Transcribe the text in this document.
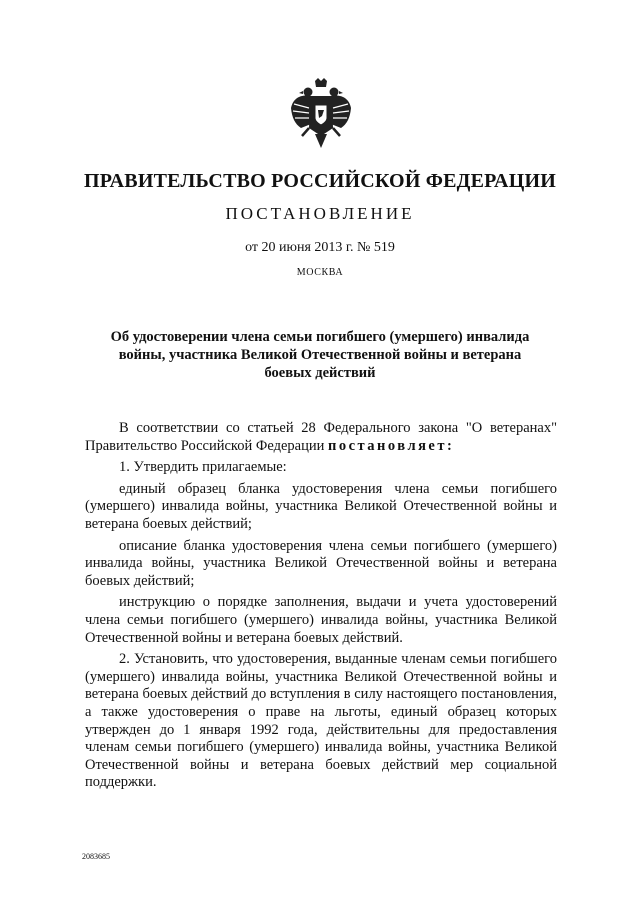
ПРАВИТЕЛЬСТВО РОССИЙСКОЙ ФЕДЕРАЦИИ
ПОСТАНОВЛЕНИЕ
от 20 июня 2013 г. № 519
МОСКВА
Об удостоверении члена семьи погибшего (умершего) инвалида
войны, участника Великой Отечественной войны и ветерана
боевых действий

В соответствии со статьей 28 Федерального закона "О ветеранах" Правительство Российской Федерации постановляет:

1. Утвердить прилагаемые:

единый образец бланка удостоверения члена семьи погибшего (умершего) инвалида войны, участника Великой Отечественной войны и ветерана боевых действий;

описание бланка удостоверения члена семьи погибшего (умершего) инвалида войны, участника Великой Отечественной войны и ветерана боевых действий;

инструкцию о порядке заполнения, выдачи и учета удостоверений члена семьи погибшего (умершего) инвалида войны, участника Великой Отечественной войны и ветерана боевых действий.

2. Установить, что удостоверения, выданные членам семьи погибшего (умершего) инвалида войны, участника Великой Отечественной войны и ветерана боевых действий до вступления в силу настоящего постановления, а также удостоверения о праве на льготы, единый образец которых утвержден до 1 января 1992 года, действительны для предоставления членам семьи погибшего (умершего) инвалида войны, участника Великой Отечественной войны и ветерана боевых действий мер социальной поддержки.

2083685
